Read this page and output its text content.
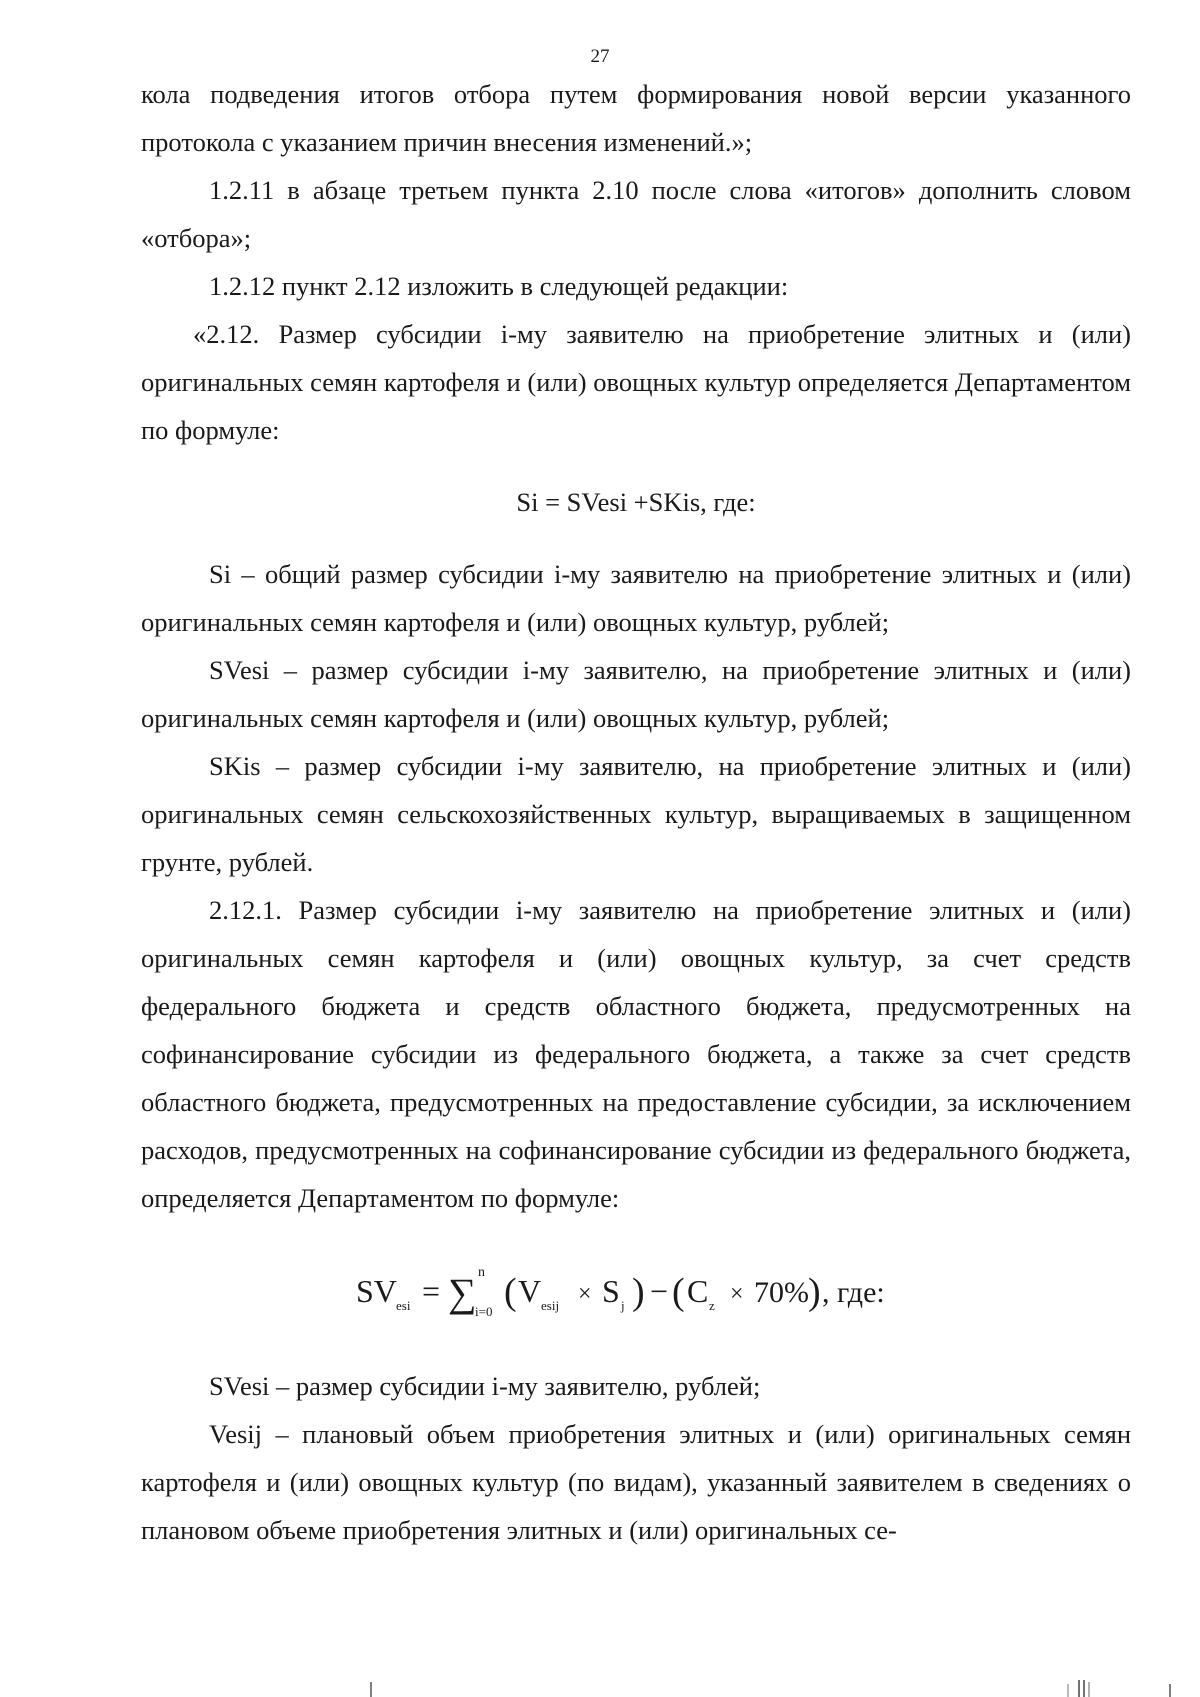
27

кола подведения итогов отбора путем формирования новой версии указанного протокола с указанием причин внесения изменений.»;

1.2.11 в абзаце третьем пункта 2.10 после слова «итогов» дополнить словом «отбора»;

1.2.12 пункт 2.12 изложить в следующей редакции:

«2.12. Размер субсидии i-му заявителю на приобретение элитных и (или) оригинальных семян картофеля и (или) овощных культур определяется Департаментом по формуле:

Si = SVesi +SKis, где:

Si – общий размер субсидии i-му заявителю на приобретение элитных и (или) оригинальных семян картофеля и (или) овощных культур, рублей;

SVesi – размер субсидии i-му заявителю, на приобретение элитных и (или) оригинальных семян картофеля и (или) овощных культур, рублей;

SKis – размер субсидии i-му заявителю, на приобретение элитных и (или) оригинальных семян сельскохозяйственных культур, выращиваемых в защищенном грунте, рублей.

2.12.1. Размер субсидии i-му заявителю на приобретение элитных и (или) оригинальных семян картофеля и (или) овощных культур, за счет средств федерального бюджета и средств областного бюджета, предусмотренных на софинансирование субсидии из федерального бюджета, а также за счет средств областного бюджета, предусмотренных на предоставление субсидии, за исключением расходов, предусмотренных на софинансирование субсидии из федерального бюджета, определяется Департаментом по формуле:

SV esi = ∑ n
i=0 ( V esij × S j ) − ( C z × 70% ) , где:

SVesi – размер субсидии i-му заявителю, рублей;

Vesij – плановый объем приобретения элитных и (или) оригинальных семян картофеля и (или) овощных культур (по видам), указанный заявителем в сведениях о плановом объеме приобретения элитных и (или) оригинальных се-
